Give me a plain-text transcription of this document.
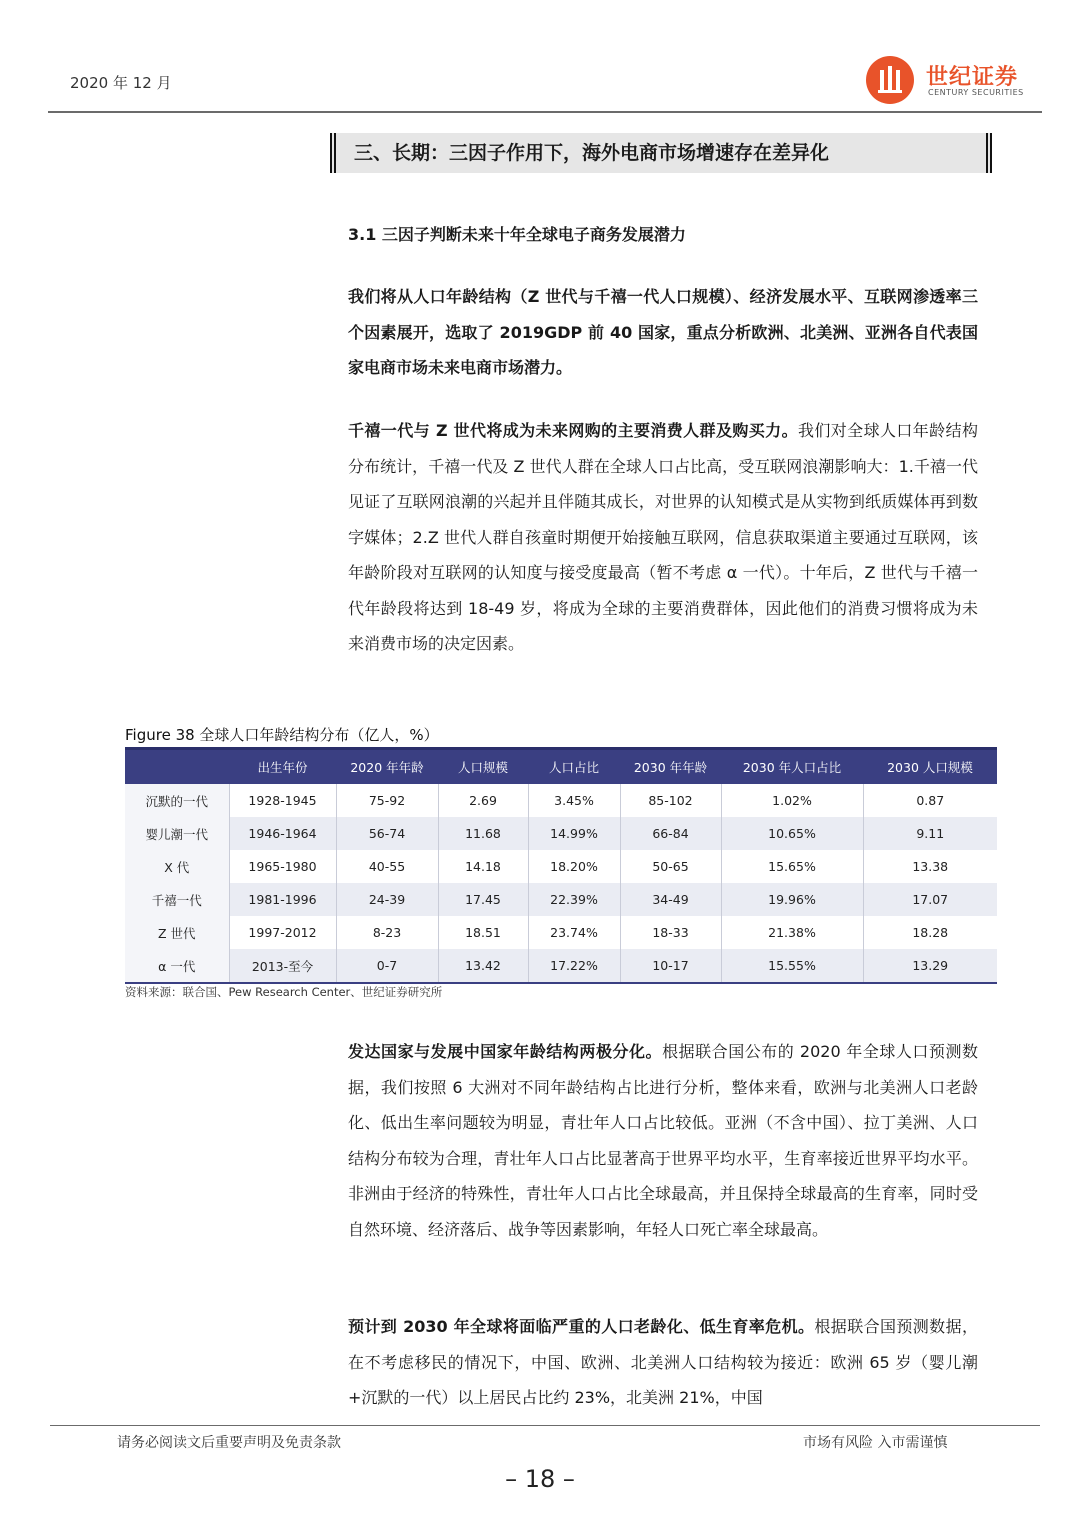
2020 年 12 月	世纪证券
CENTURY SECURITIES
三、长期：三因子作用下，海外电商市场增速存在差异化
3.1 三因子判断未来十年全球电子商务发展潜力
我们将从人口年龄结构（Z 世代与千禧一代人口规模）、经济发展水平、互联网渗透率三个因素展开，选取了 2019GDP 前 40 国家，重点分析欧洲、北美洲、亚洲各自代表国家电商市场未来电商市场潜力。
千禧一代与 Z 世代将成为未来网购的主要消费人群及购买力。我们对全球人口年龄结构分布统计，千禧一代及 Z 世代人群在全球人口占比高，受互联网浪潮影响大：1.千禧一代见证了互联网浪潮的兴起并且伴随其成长，对世界的认知模式是从实物到纸质媒体再到数字媒体；2.Z 世代人群自孩童时期便开始接触互联网，信息获取渠道主要通过互联网，该年龄阶段对互联网的认知度与接受度最高（暂不考虑 α 一代）。十年后，Z 世代与千禧一代年龄段将达到 18-49 岁，将成为全球的主要消费群体，因此他们的消费习惯将成为未来消费市场的决定因素。
Figure 38 全球人口年龄结构分布（亿人，%）
	出生年份	2020 年年龄	人口规模	人口占比	2030 年年龄	2030 年人口占比	2030 人口规模
沉默的一代	1928-1945	75-92	2.69	3.45%	85-102	1.02%	0.87
婴儿潮一代	1946-1964	56-74	11.68	14.99%	66-84	10.65%	9.11
X 代	1965-1980	40-55	14.18	18.20%	50-65	15.65%	13.38
千禧一代	1981-1996	24-39	17.45	22.39%	34-49	19.96%	17.07
Z 世代	1997-2012	8-23	18.51	23.74%	18-33	21.38%	18.28
α 一代	2013-至今	0-7	13.42	17.22%	10-17	15.55%	13.29
资料来源：联合国、Pew Research Center、世纪证券研究所
发达国家与发展中国家年龄结构两极分化。根据联合国公布的 2020 年全球人口预测数据，我们按照 6 大洲对不同年龄结构占比进行分析，整体来看，欧洲与北美洲人口老龄化、低出生率问题较为明显，青壮年人口占比较低。亚洲（不含中国）、拉丁美洲、人口结构分布较为合理，青壮年人口占比显著高于世界平均水平，生育率接近世界平均水平。非洲由于经济的特殊性，青壮年人口占比全球最高，并且保持全球最高的生育率，同时受自然环境、经济落后、战争等因素影响，年轻人口死亡率全球最高。
预计到 2030 年全球将面临严重的人口老龄化、低生育率危机。根据联合国预测数据，在不考虑移民的情况下，中国、欧洲、北美洲人口结构较为接近：欧洲 65 岁（婴儿潮+沉默的一代）以上居民占比约 23%，北美洲 21%，中国
请务必阅读文后重要声明及免责条款	市场有风险 入市需谨慎
– 18 –
